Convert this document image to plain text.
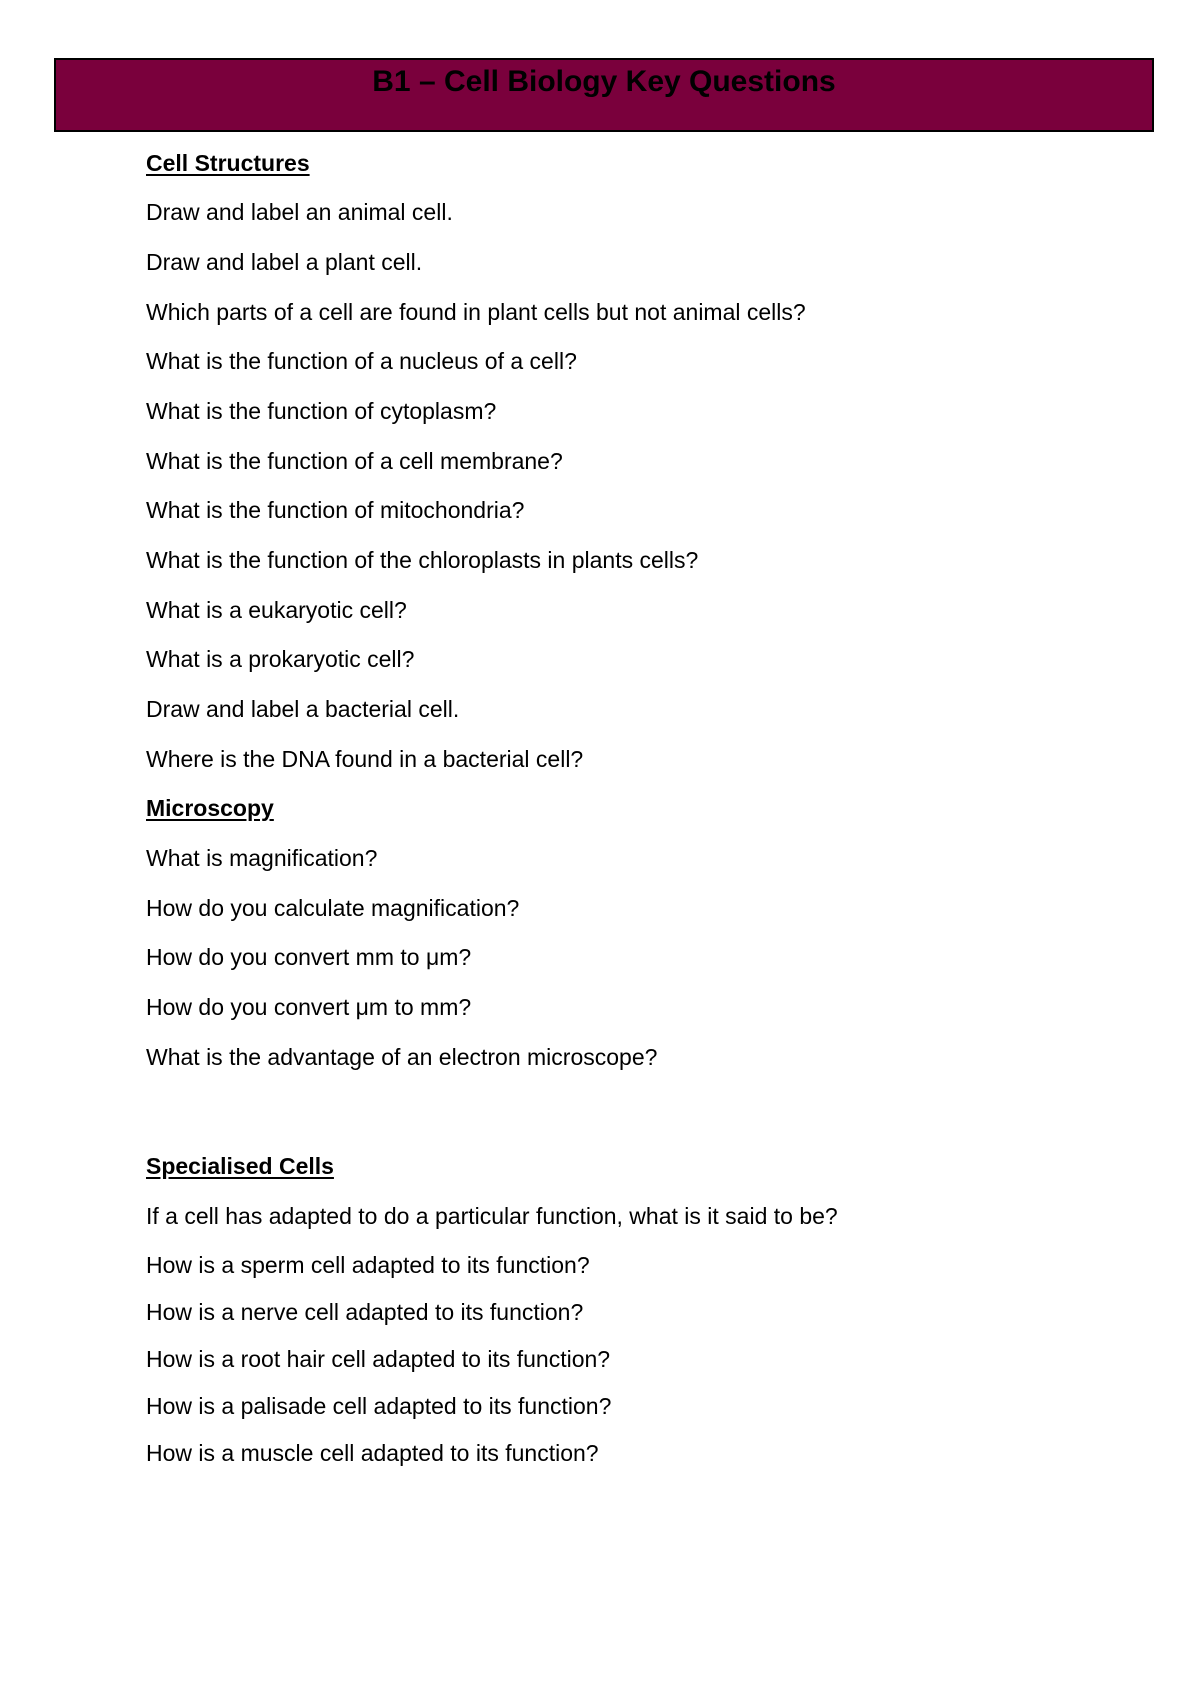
B1 – Cell Biology Key Questions
Cell Structures
Draw and label an animal cell.
Draw and label a plant cell.
Which parts of a cell are found in plant cells but not animal cells?
What is the function of a nucleus of a cell?
What is the function of cytoplasm?
What is the function of a cell membrane?
What is the function of mitochondria?
What is the function of the chloroplasts in plants cells?
What is a eukaryotic cell?
What is a prokaryotic cell?
Draw and label a bacterial cell.
Where is the DNA found in a bacterial cell?
Microscopy
What is magnification?
How do you calculate magnification?
How do you convert mm to μm?
How do you convert μm to mm?
What is the advantage of an electron microscope?
Specialised Cells
If a cell has adapted to do a particular function, what is it said to be?
How is a sperm cell adapted to its function?
How is a nerve cell adapted to its function?
How is a root hair cell adapted to its function?
How is a palisade cell adapted to its function?
How is a muscle cell adapted to its function?
